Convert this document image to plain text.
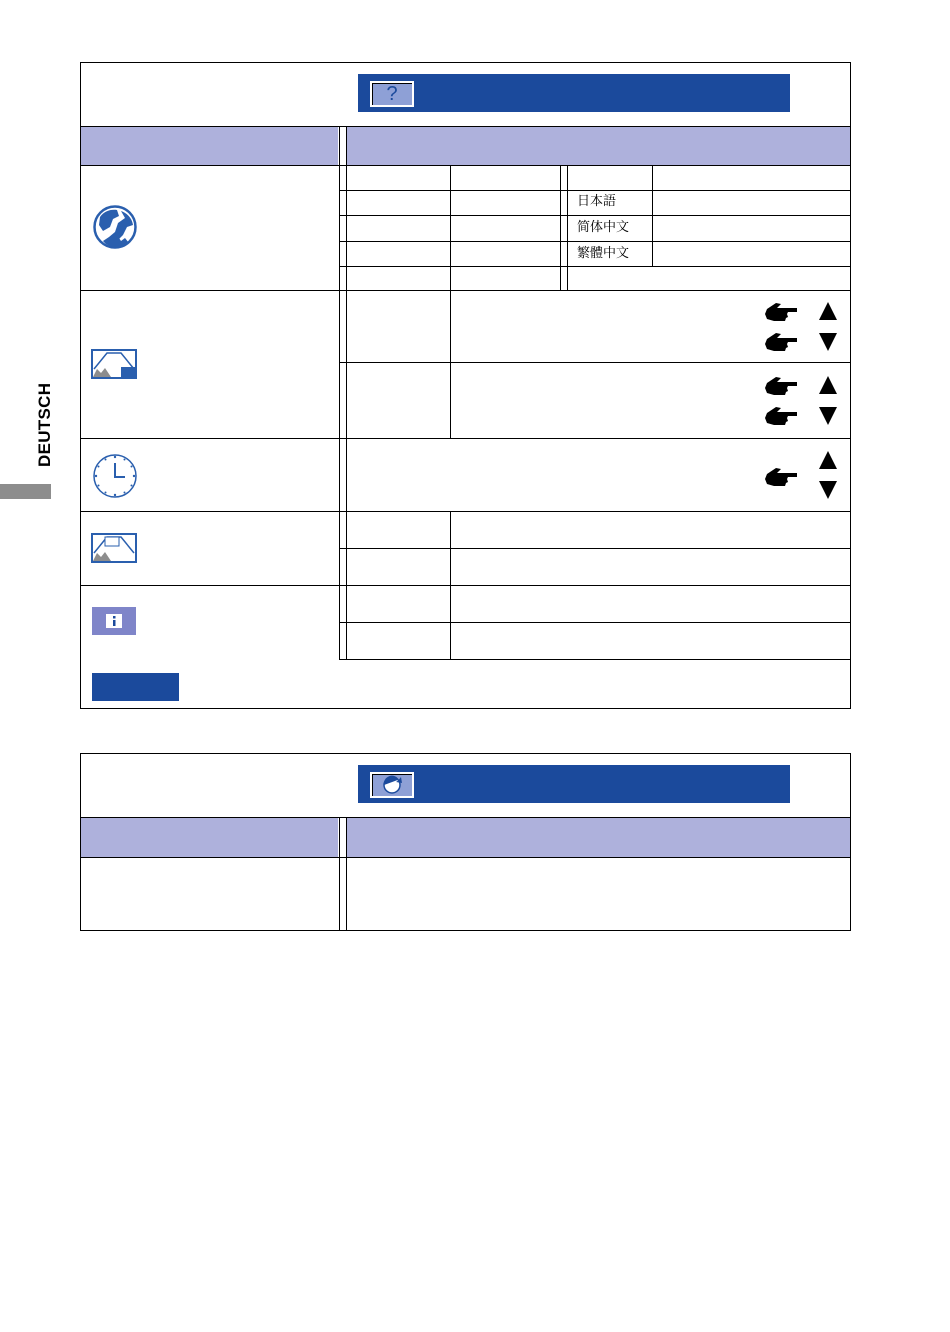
DEUTSCH
?
日本語
简体中文
繁體中文
